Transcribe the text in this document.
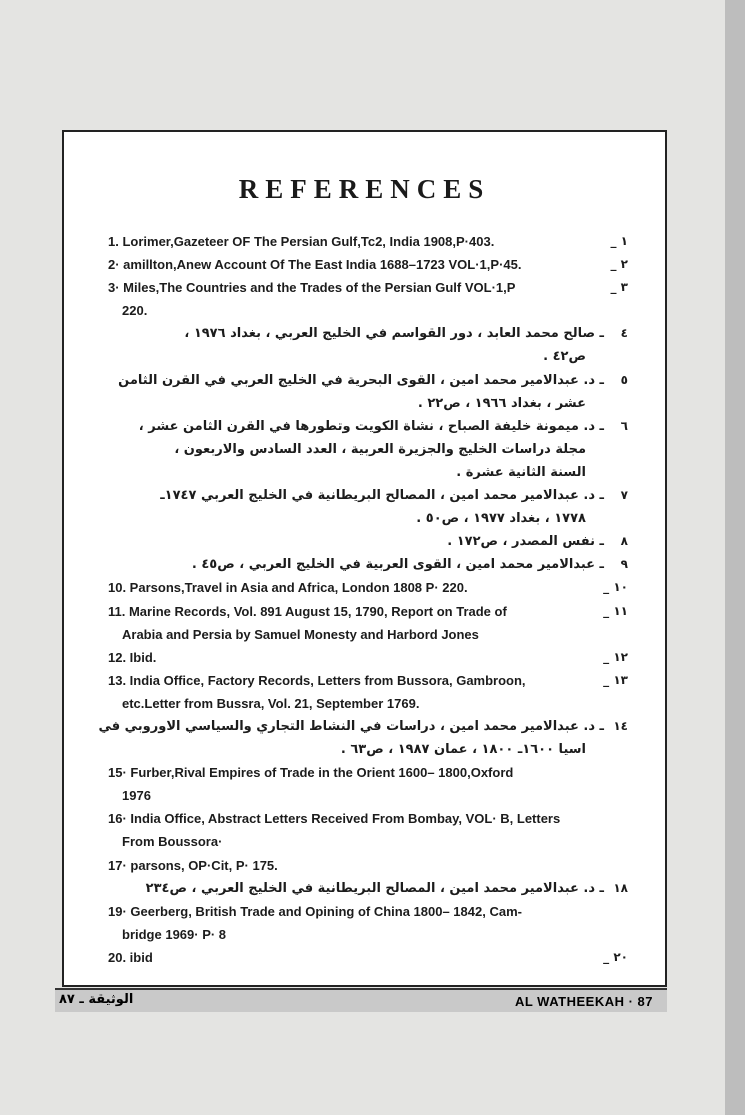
REFERENCES
١ _
1. Lorimer,Gazeteer OF The Persian Gulf,Tc2, India 1908,P·403.
٢ _
2· amillton,Anew Account Of The East India 1688–1723 VOL·1,P·45.
٣ _
3· Miles,The Countries and the Trades of the Persian Gulf VOL·1,P
220.
٤
ـ صالح محمد العابد ، دور القواسم في الخليج العربي ، بغداد ١٩٧٦ ،
ص٤٢ .
٥
ـ د. عبدالامير محمد امين ، القوى البحرية في الخليج العربي في القرن الثامن
عشر ، بغداد ١٩٦٦ ، ص٢٢ .
٦
ـ د. ميمونة خليفة الصباح ، نشاة الكويت وتطورها في القرن الثامن عشر ،
مجلة دراسات الخليج والجزيرة العربية ، العدد السادس والاربعون ،
السنة الثانية عشرة .
٧
ـ د. عبدالامير محمد امين ، المصالح البريطانية في الخليج العربي ١٧٤٧ـ
١٧٧٨ ، بغداد ١٩٧٧ ، ص٥٠ .
٨
ـ نفس المصدر ، ص١٧٢ .
٩
ـ عبدالامير محمد امين ، القوى العربية في الخليج العربي ، ص٤٥ .
١٠ _
10. Parsons,Travel in Asia and Africa, London 1808 P· 220.
١١ _
11. Marine Records, Vol. 891 August 15, 1790, Report on Trade of
Arabia and Persia by Samuel Monesty and Harbord Jones
١٢ _
12. Ibid.
١٣ _
13. India Office, Factory Records, Letters from Bussora, Gambroon,
etc.Letter from Bussra, Vol. 21, September 1769.
١٤
ـ د. عبدالامير محمد امين ، دراسات في النشاط التجاري والسياسي الاوروبي في
اسيا ١٦٠٠ـ ١٨٠٠ ، عمان ١٩٨٧ ، ص٦٣ .
15· Furber,Rival Empires of Trade in the Orient 1600– 1800,Oxford
1976
16· India Office, Abstract Letters Received From Bombay, VOL· B, Letters
From Boussora·
17· parsons, OP·Cit, P· 175.
١٨
ـ د. عبدالامير محمد امين ، المصالح البريطانية في الخليج العربي ، ص٢٣٤
19· Geerberg, British Trade and Opining of China 1800– 1842, Cam-
bridge 1969· P· 8
٢٠ _
20. ibid
الوثيقة ـ ٨٧	AL WATHEEKAH · 87
